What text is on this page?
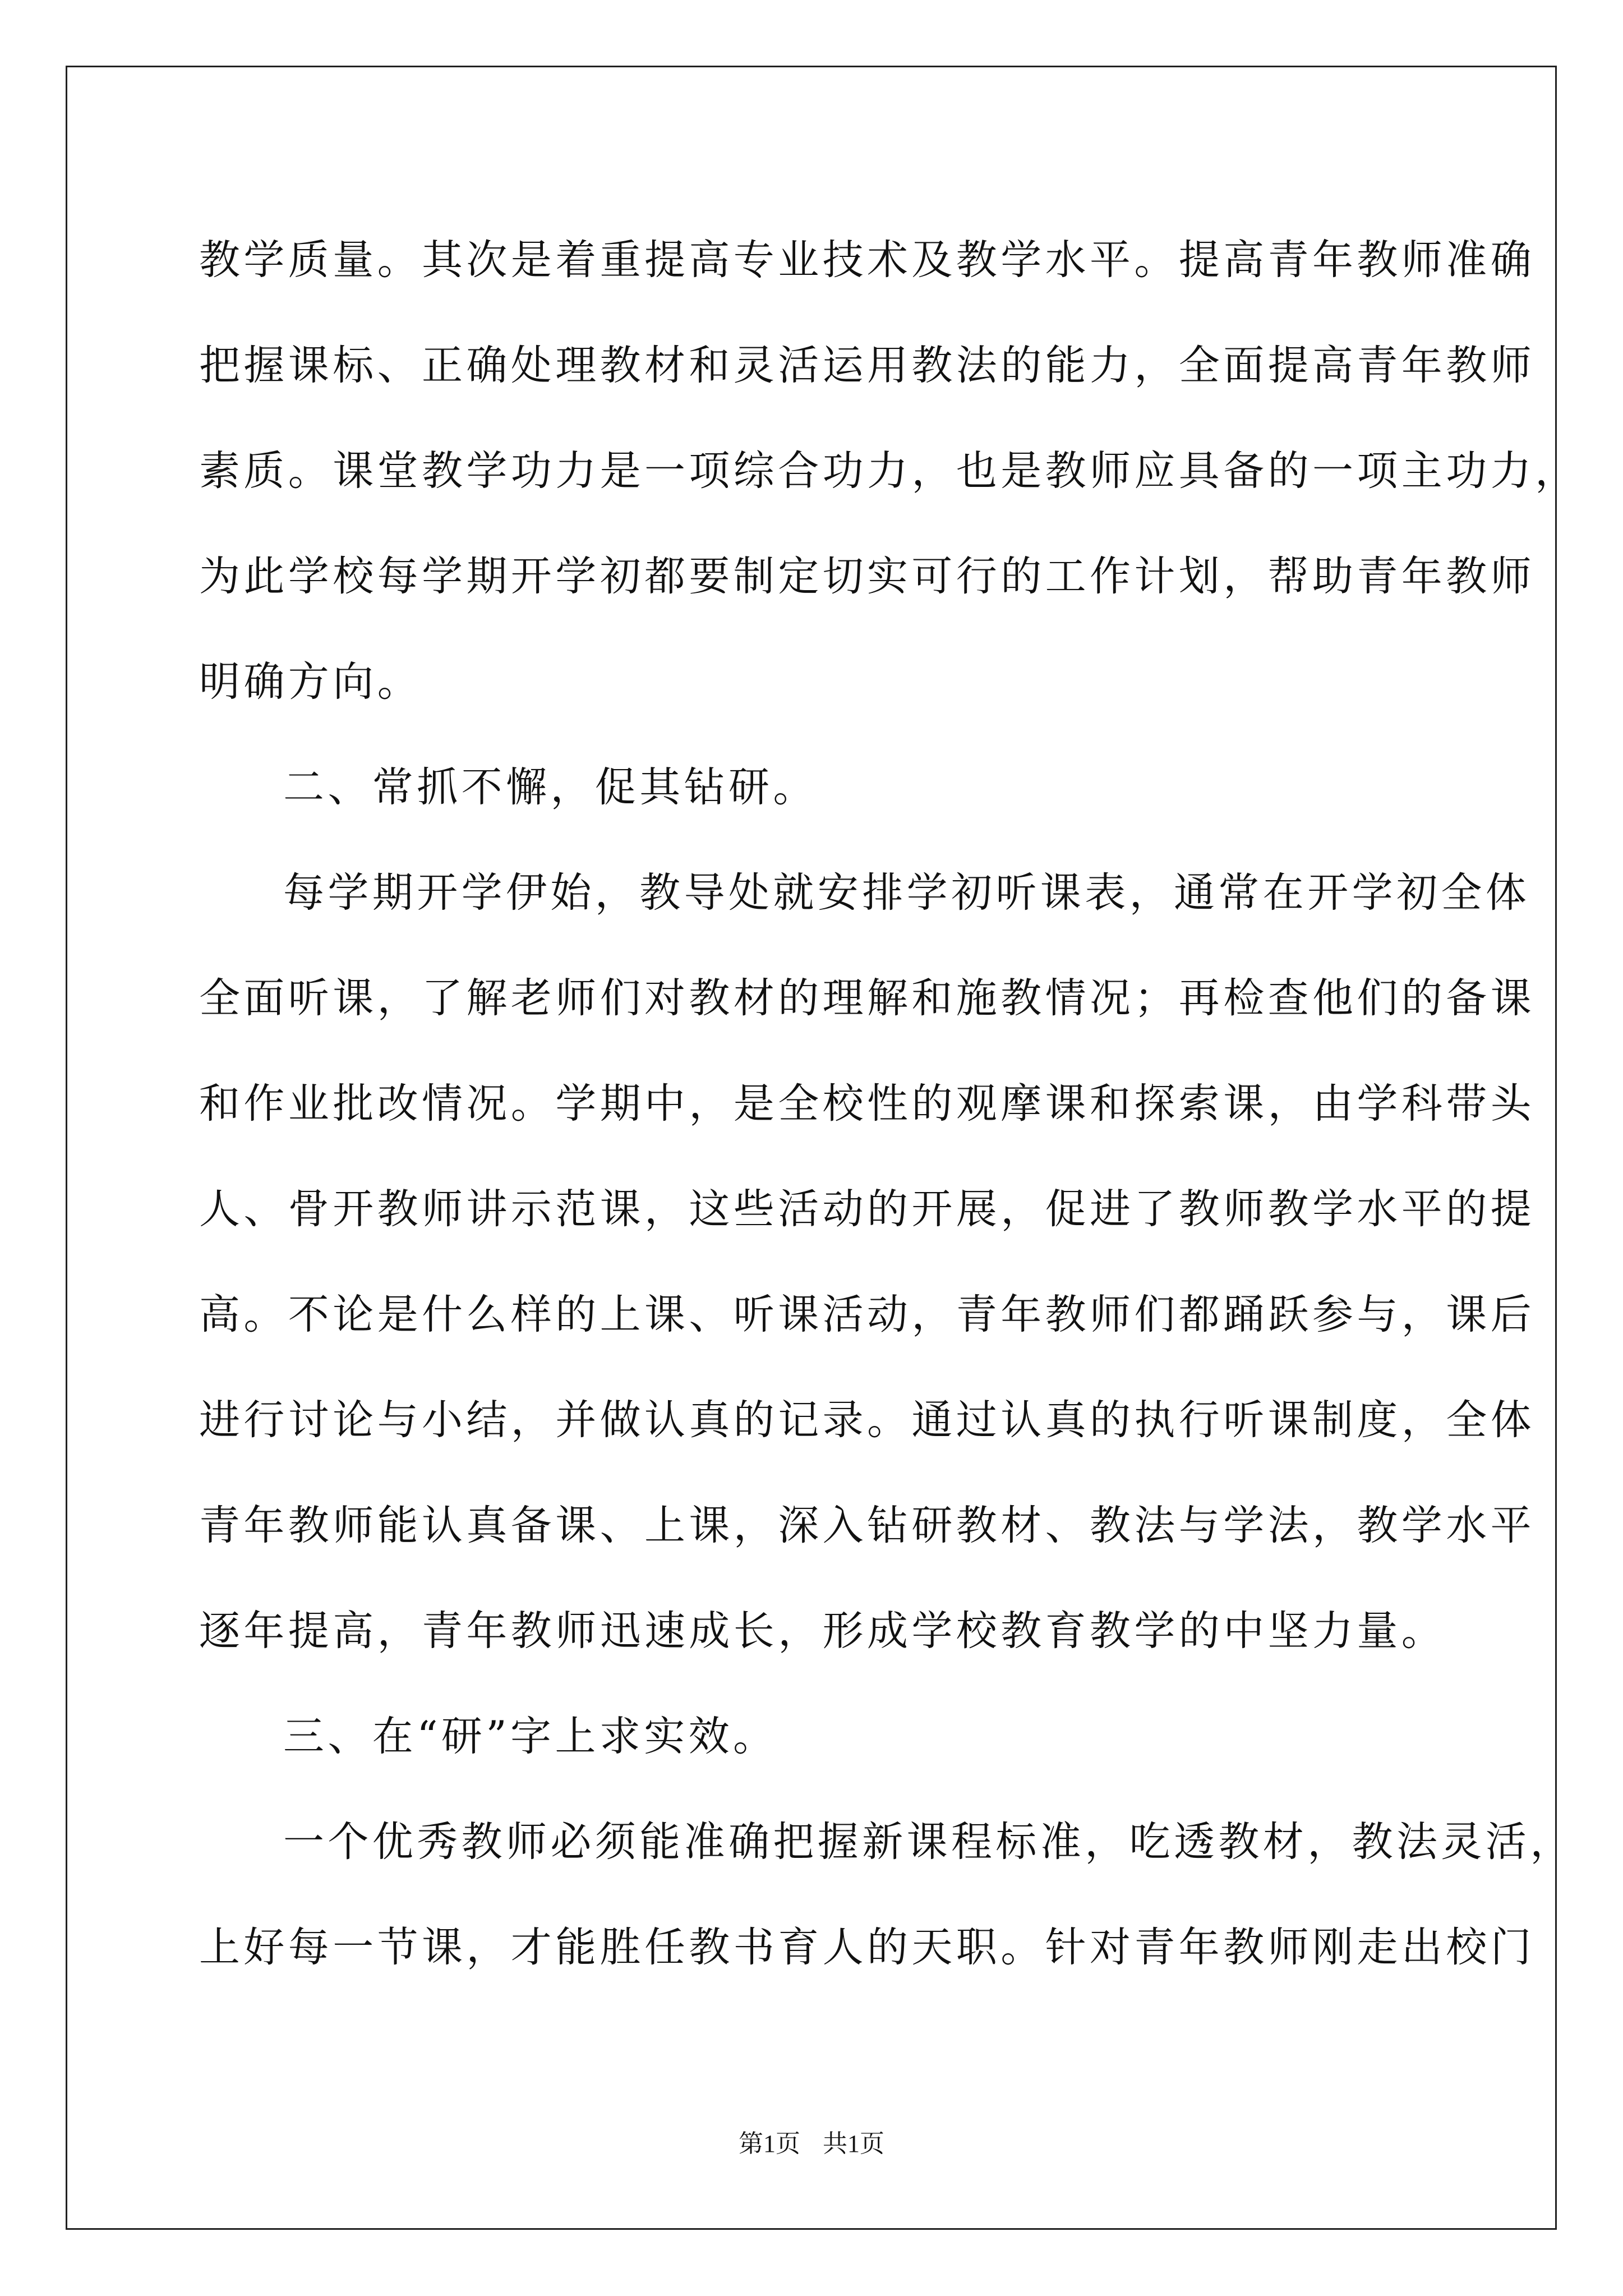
教学质量。其次是着重提高专业技术及教学水平。提高青年教师准确
把握课标、正确处理教材和灵活运用教法的能力，全面提高青年教师
素质。课堂教学功力是一项综合功力，也是教师应具备的一项主功力，
为此学校每学期开学初都要制定切实可行的工作计划，帮助青年教师
明确方向。
二、常抓不懈，促其钻研。
每学期开学伊始，教导处就安排学初听课表，通常在开学初全体
全面听课，了解老师们对教材的理解和施教情况；再检查他们的备课
和作业批改情况。学期中，是全校性的观摩课和探索课，由学科带头
人、骨开教师讲示范课，这些活动的开展，促进了教师教学水平的提
高。不论是什么样的上课、听课活动，青年教师们都踊跃参与，课后
进行讨论与小结，并做认真的记录。通过认真的执行听课制度，全体
青年教师能认真备课、上课，深入钻研教材、教法与学法，教学水平
逐年提高，青年教师迅速成长，形成学校教育教学的中坚力量。
三、在“研”字上求实效。
一个优秀教师必须能准确把握新课程标准，吃透教材，教法灵活，
上好每一节课，才能胜任教书育人的天职。针对青年教师刚走出校门
第1页 共1页
